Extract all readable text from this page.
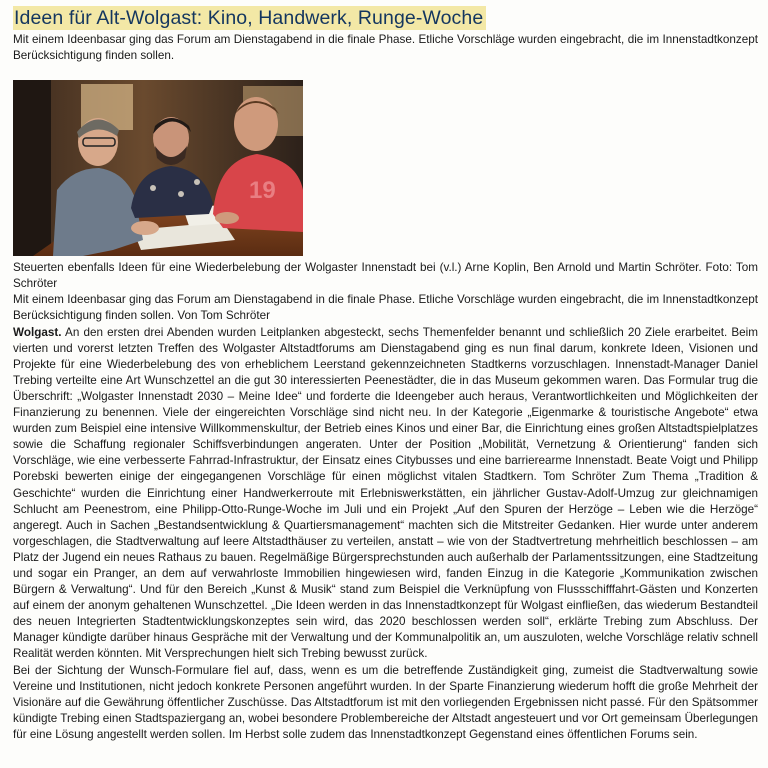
Ideen für Alt-Wolgast: Kino, Handwerk, Runge-Woche

Mit einem Ideenbasar ging das Forum am Dienstagabend in die finale Phase. Etliche Vorschläge wurden eingebracht, die im Innenstadtkonzept Berücksichtigung finden sollen.

19

Steuerten ebenfalls Ideen für eine Wiederbelebung der Wolgaster Innenstadt bei (v.l.) Arne Koplin, Ben Arnold und Martin Schröter. Foto: Tom Schröter

Mit einem Ideenbasar ging das Forum am Dienstagabend in die finale Phase. Etliche Vorschläge wurden eingebracht, die im Innenstadtkonzept Berücksichtigung finden sollen. Von Tom Schröter

Wolgast. An den ersten drei Abenden wurden Leitplanken abgesteckt, sechs Themenfelder benannt und schließlich 20 Ziele erarbeitet. Beim vierten und vorerst letzten Treffen des Wolgaster Altstadtforums am Dienstagabend ging es nun final darum, konkrete Ideen, Visionen und Projekte für eine Wiederbelebung des von erheblichem Leerstand gekennzeichneten Stadtkerns vorzuschlagen. Innenstadt-Manager Daniel Trebing verteilte eine Art Wunschzettel an die gut 30 interessierten Peenestädter, die in das Museum gekommen waren. Das Formular trug die Überschrift: „Wolgaster Innenstadt 2030 – Meine Idee“ und forderte die Ideengeber auch heraus, Verantwortlichkeiten und Möglichkeiten der Finanzierung zu benennen. Viele der eingereichten Vorschläge sind nicht neu. In der Kategorie „Eigenmarke & touristische Angebote“ etwa wurden zum Beispiel eine intensive Willkommenskultur, der Betrieb eines Kinos und einer Bar, die Einrichtung eines großen Altstadtspielplatzes sowie die Schaffung regionaler Schiffsverbindungen angeraten. Unter der Position „Mobilität, Vernetzung & Orientierung“ fanden sich Vorschläge, wie eine verbesserte Fahrrad-Infrastruktur, der Einsatz eines Citybusses und eine barrierearme Innenstadt. Beate Voigt und Philipp Porebski bewerten einige der eingegangenen Vorschläge für einen möglichst vitalen Stadtkern. Tom Schröter Zum Thema „Tradition & Geschichte“ wurden die Einrichtung einer Handwerkerroute mit Erlebniswerkstätten, ein jährlicher Gustav-Adolf-Umzug zur gleichnamigen Schlucht am Peenestrom, eine Philipp-Otto-Runge-Woche im Juli und ein Projekt „Auf den Spuren der Herzöge – Leben wie die Herzöge“ angeregt. Auch in Sachen „Bestandsentwicklung & Quartiersmanagement“ machten sich die Mitstreiter Gedanken. Hier wurde unter anderem vorgeschlagen, die Stadtverwaltung auf leere Altstadthäuser zu verteilen, anstatt – wie von der Stadtvertretung mehrheitlich beschlossen – am Platz der Jugend ein neues Rathaus zu bauen. Regelmäßige Bürgersprechstunden auch außerhalb der Parlamentssitzungen, eine Stadtzeitung und sogar ein Pranger, an dem auf verwahrloste Immobilien hingewiesen wird, fanden Einzug in die Kategorie „Kommunikation zwischen Bürgern & Verwaltung“. Und für den Bereich „Kunst & Musik“ stand zum Beispiel die Verknüpfung von Flussschifffahrt-Gästen und Konzerten auf einem der anonym gehaltenen Wunschzettel. „Die Ideen werden in das Innenstadtkonzept für Wolgast einfließen, das wiederum Bestandteil des neuen Integrierten Stadtentwicklungskonzeptes sein wird, das 2020 beschlossen werden soll“, erklärte Trebing zum Abschluss. Der Manager kündigte darüber hinaus Gespräche mit der Verwaltung und der Kommunalpolitik an, um auszuloten, welche Vorschläge relativ schnell Realität werden könnten. Mit Versprechungen hielt sich Trebing bewusst zurück.

Bei der Sichtung der Wunsch-Formulare fiel auf, dass, wenn es um die betreffende Zuständigkeit ging, zumeist die Stadtverwaltung sowie Vereine und Institutionen, nicht jedoch konkrete Personen angeführt wurden. In der Sparte Finanzierung wiederum hofft die große Mehrheit der Visionäre auf die Gewährung öffentlicher Zuschüsse. Das Altstadtforum ist mit den vorliegenden Ergebnissen nicht passé. Für den Spätsommer kündigte Trebing einen Stadtspaziergang an, wobei besondere Problembereiche der Altstadt angesteuert und vor Ort gemeinsam Überlegungen für eine Lösung angestellt werden sollen. Im Herbst solle zudem das Innenstadtkonzept Gegenstand eines öffentlichen Forums sein.
